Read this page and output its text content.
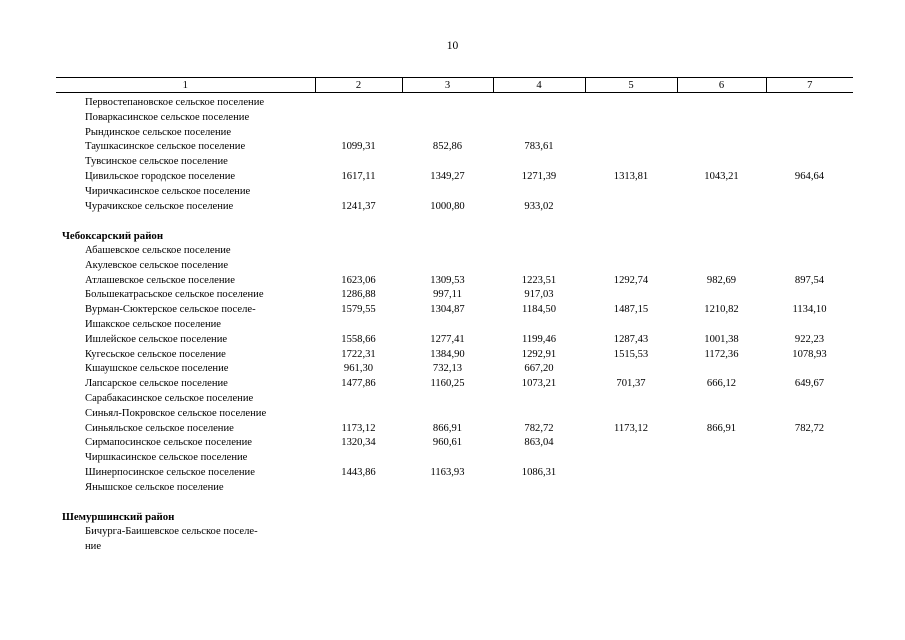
10
1	2	3	4	5	6	7
Первостепановское сельское поселение						
Поваркасинское сельское поселение						
Рындинское сельское поселение						
Таушкасинское сельское поселение	1099,31	852,86	783,61			
Тувсинское сельское поселение						
Цивильское городское поселение	1617,11	1349,27	1271,39	1313,81	1043,21	964,64
Чиричкасинское сельское поселение						
Чурачикское сельское поселение	1241,37	1000,80	933,02			

Чебоксарский район						
Абашевское сельское поселение						
Акулевское сельское поселение						
Атлашевское сельское поселение	1623,06	1309,53	1223,51	1292,74	982,69	897,54
Большекатрасьское сельское поселение	1286,88	997,11	917,03			
Вурман-Сюктерское сельское поселе-	1579,55	1304,87	1184,50	1487,15	1210,82	1134,10
Ишакское сельское поселение						
Ишлейское сельское поселение	1558,66	1277,41	1199,46	1287,43	1001,38	922,23
Кугесьское сельское поселение	1722,31	1384,90	1292,91	1515,53	1172,36	1078,93
Кшаушское сельское поселение	961,30	732,13	667,20			
Лапсарское сельское поселение	1477,86	1160,25	1073,21	701,37	666,12	649,67
Сарабакасинское сельское поселение						
Синьял-Покровское сельское поселение						
Синьяльское сельское поселение	1173,12	866,91	782,72	1173,12	866,91	782,72
Сирмапосинское сельское поселение	1320,34	960,61	863,04			
Чиршкасинское сельское поселение						
Шинерпосинское сельское поселение	1443,86	1163,93	1086,31			
Янышское сельское поселение						

Шемуршинский район						
Бичурга-Баишевское сельское поселе-						
ние						
